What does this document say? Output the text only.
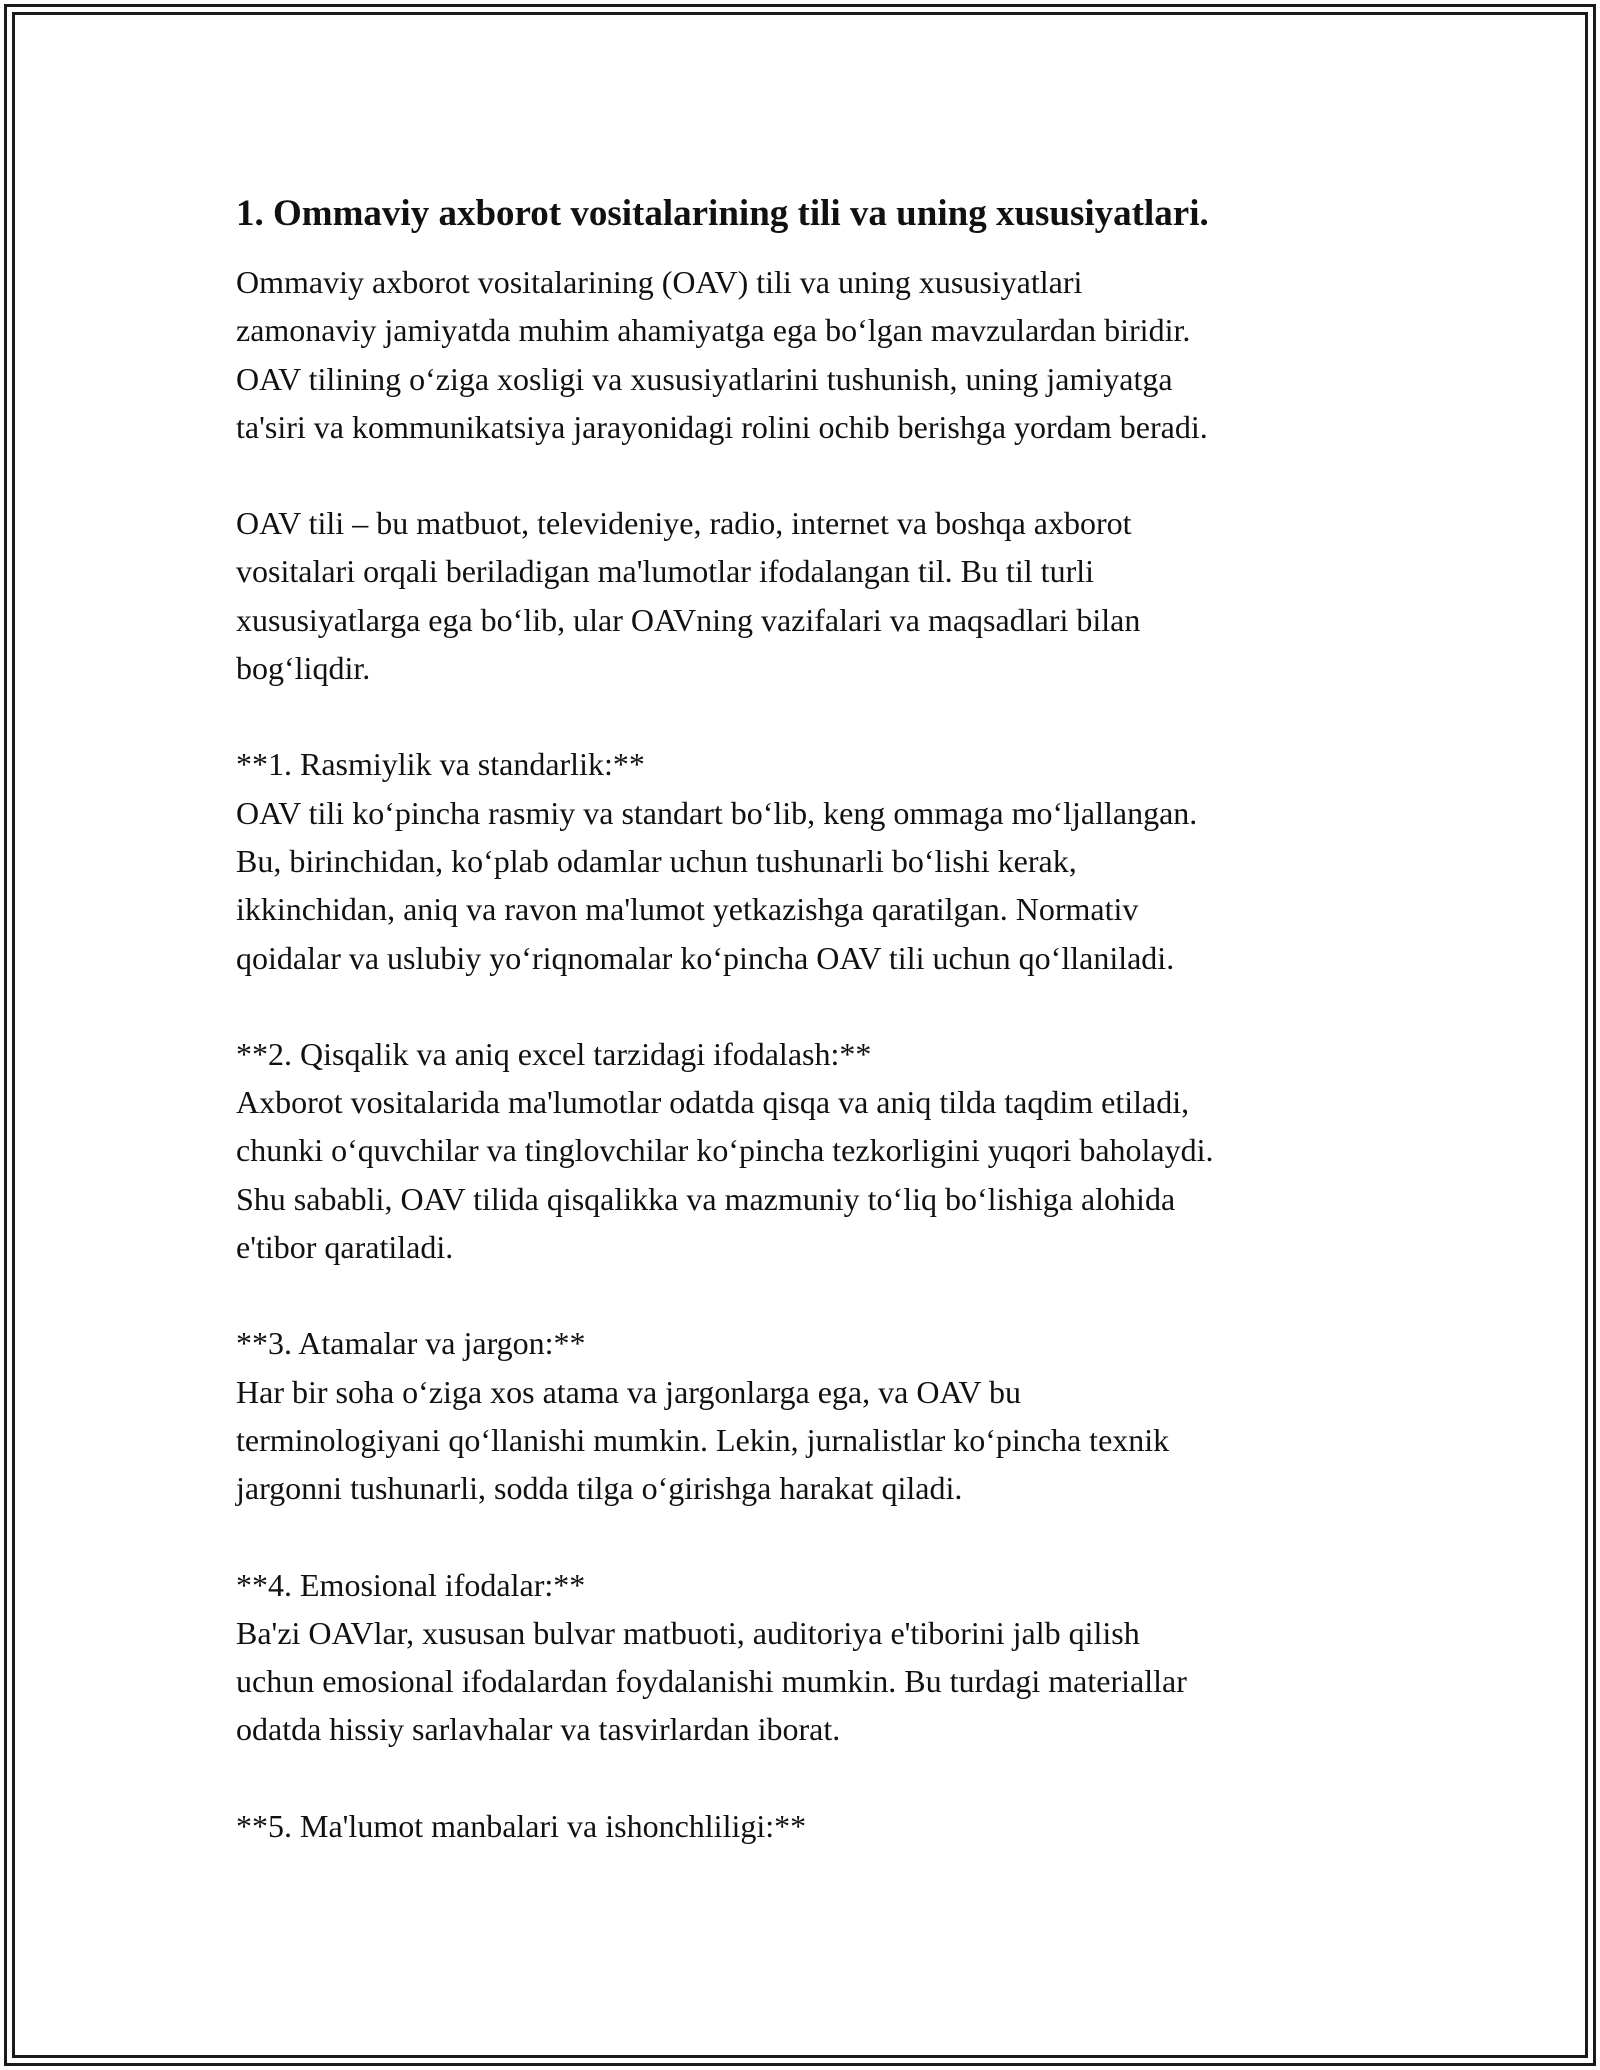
1. Ommaviy axborot vositalarining tili va uning xususiyatlari.

Ommaviy axborot vositalarining (OAV) tili va uning xususiyatlari
zamonaviy jamiyatda muhim ahamiyatga ega bo‘lgan mavzulardan biridir.
OAV tilining o‘ziga xosligi va xususiyatlarini tushunish, uning jamiyatga
ta'siri va kommunikatsiya jarayonidagi rolini ochib berishga yordam beradi.

OAV tili – bu matbuot, televideniye, radio, internet va boshqa axborot
vositalari orqali beriladigan ma'lumotlar ifodalangan til. Bu til turli
xususiyatlarga ega bo‘lib, ular OAVning vazifalari va maqsadlari bilan
bog‘liqdir.

**1. Rasmiylik va standarlik:**

OAV tili ko‘pincha rasmiy va standart bo‘lib, keng ommaga mo‘ljallangan.
Bu, birinchidan, ko‘plab odamlar uchun tushunarli bo‘lishi kerak,
ikkinchidan, aniq va ravon ma'lumot yetkazishga qaratilgan. Normativ
qoidalar va uslubiy yo‘riqnomalar ko‘pincha OAV tili uchun qo‘llaniladi.

**2. Qisqalik va aniq excel tarzidagi ifodalash:**

Axborot vositalarida ma'lumotlar odatda qisqa va aniq tilda taqdim etiladi,
chunki o‘quvchilar va tinglovchilar ko‘pincha tezkorligini yuqori baholaydi.
Shu sababli, OAV tilida qisqalikka va mazmuniy to‘liq bo‘lishiga alohida
e'tibor qaratiladi.

**3. Atamalar va jargon:**

Har bir soha o‘ziga xos atama va jargonlarga ega, va OAV bu
terminologiyani qo‘llanishi mumkin. Lekin, jurnalistlar ko‘pincha texnik
jargonni tushunarli, sodda tilga o‘girishga harakat qiladi.

**4. Emosional ifodalar:**

Ba'zi OAVlar, xususan bulvar matbuoti, auditoriya e'tiborini jalb qilish
uchun emosional ifodalardan foydalanishi mumkin. Bu turdagi materiallar
odatda hissiy sarlavhalar va tasvirlardan iborat.

**5. Ma'lumot manbalari va ishonchliligi:**
